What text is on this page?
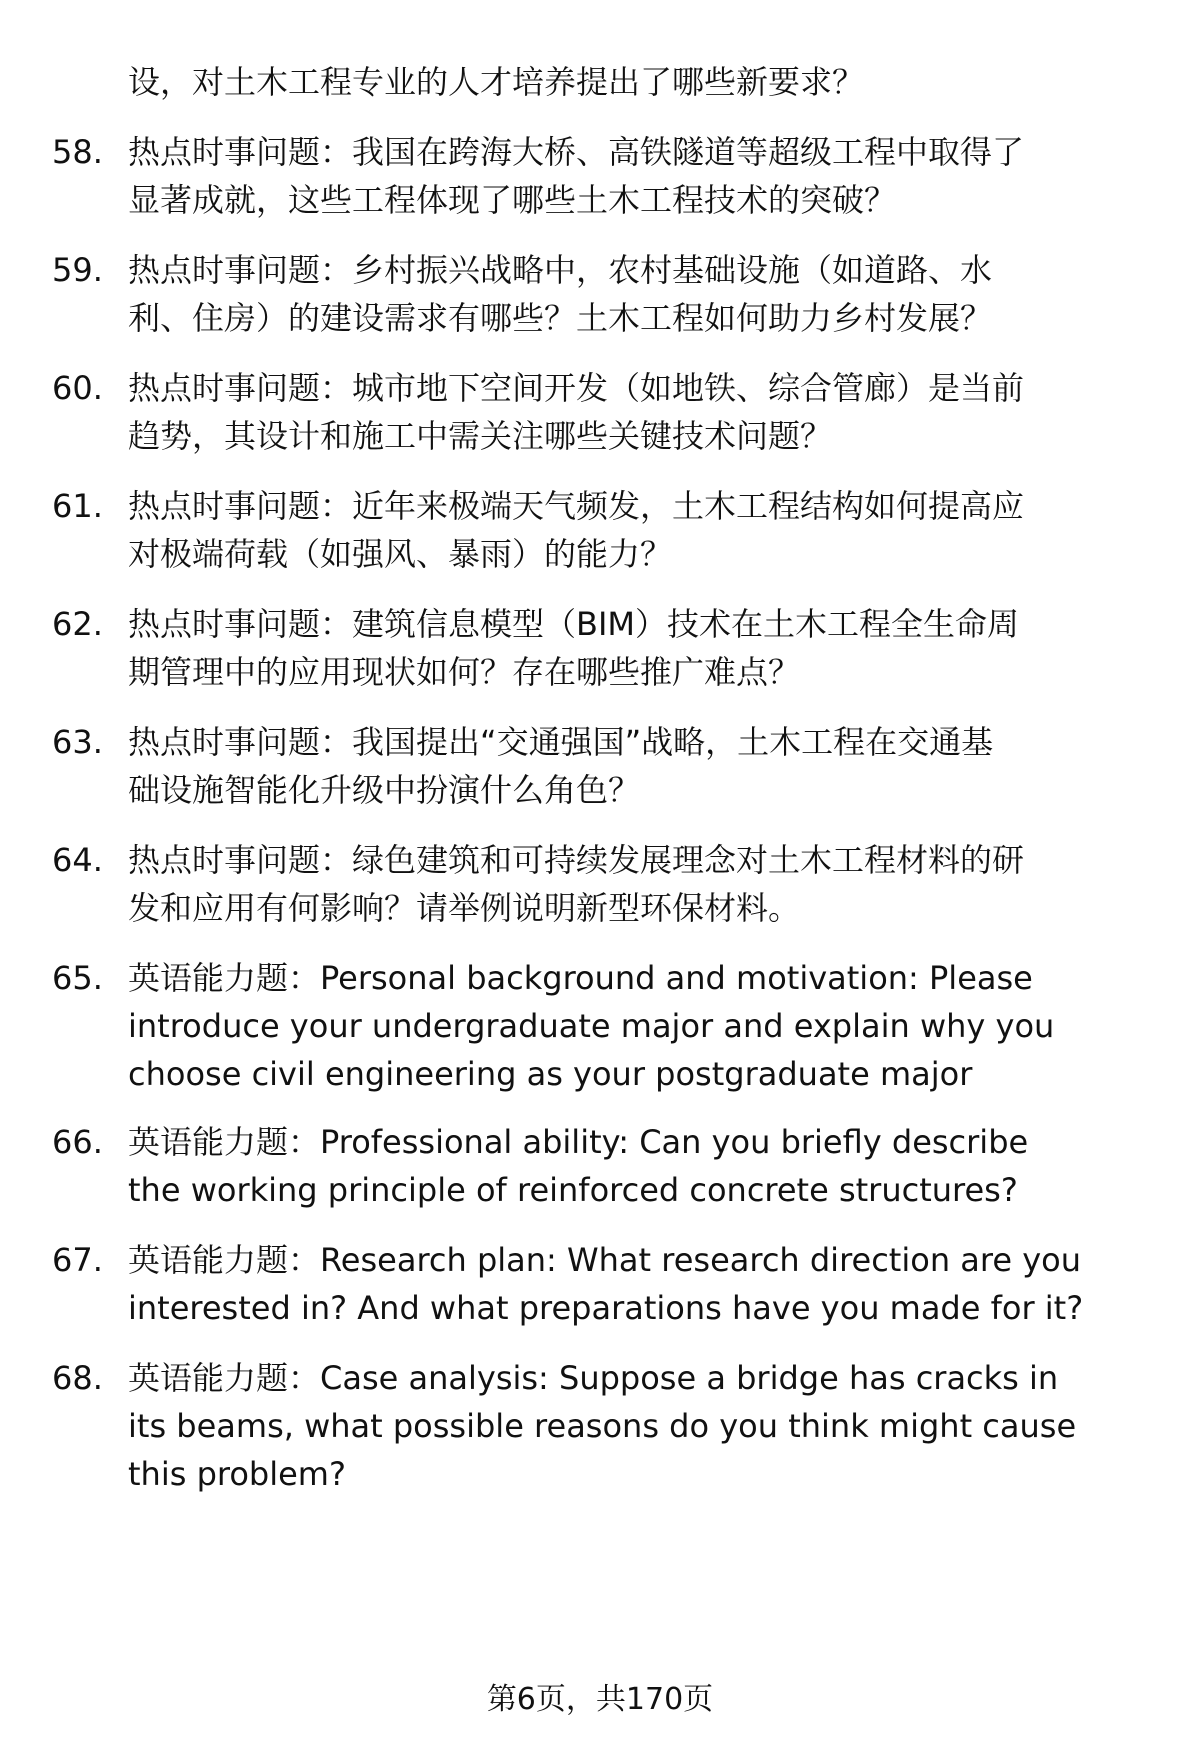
设，对土木工程专业的人才培养提出了哪些新要求？
58. 热点时事问题：我国在跨海大桥、高铁隧道等超级工程中取得了
显著成就，这些工程体现了哪些土木工程技术的突破？
59. 热点时事问题：乡村振兴战略中，农村基础设施（如道路、水
利、住房）的建设需求有哪些？土木工程如何助力乡村发展？
60. 热点时事问题：城市地下空间开发（如地铁、综合管廊）是当前
趋势，其设计和施工中需关注哪些关键技术问题？
61. 热点时事问题：近年来极端天气频发，土木工程结构如何提高应
对极端荷载（如强风、暴雨）的能力？
62. 热点时事问题：建筑信息模型（BIM）技术在土木工程全生命周
期管理中的应用现状如何？存在哪些推广难点？
63. 热点时事问题：我国提出“交通强国”战略，土木工程在交通基
础设施智能化升级中扮演什么角色？
64. 热点时事问题：绿色建筑和可持续发展理念对土木工程材料的研
发和应用有何影响？请举例说明新型环保材料。
65. 英语能力题：Personal background and motivation: Please
introduce your undergraduate major and explain why you
choose civil engineering as your postgraduate major
66. 英语能力题：Professional ability: Can you briefly describe
the working principle of reinforced concrete structures?
67. 英语能力题：Research plan: What research direction are you
interested in? And what preparations have you made for it?
68. 英语能力题：Case analysis: Suppose a bridge has cracks in
its beams, what possible reasons do you think might cause
this problem?
第6页，共170页
